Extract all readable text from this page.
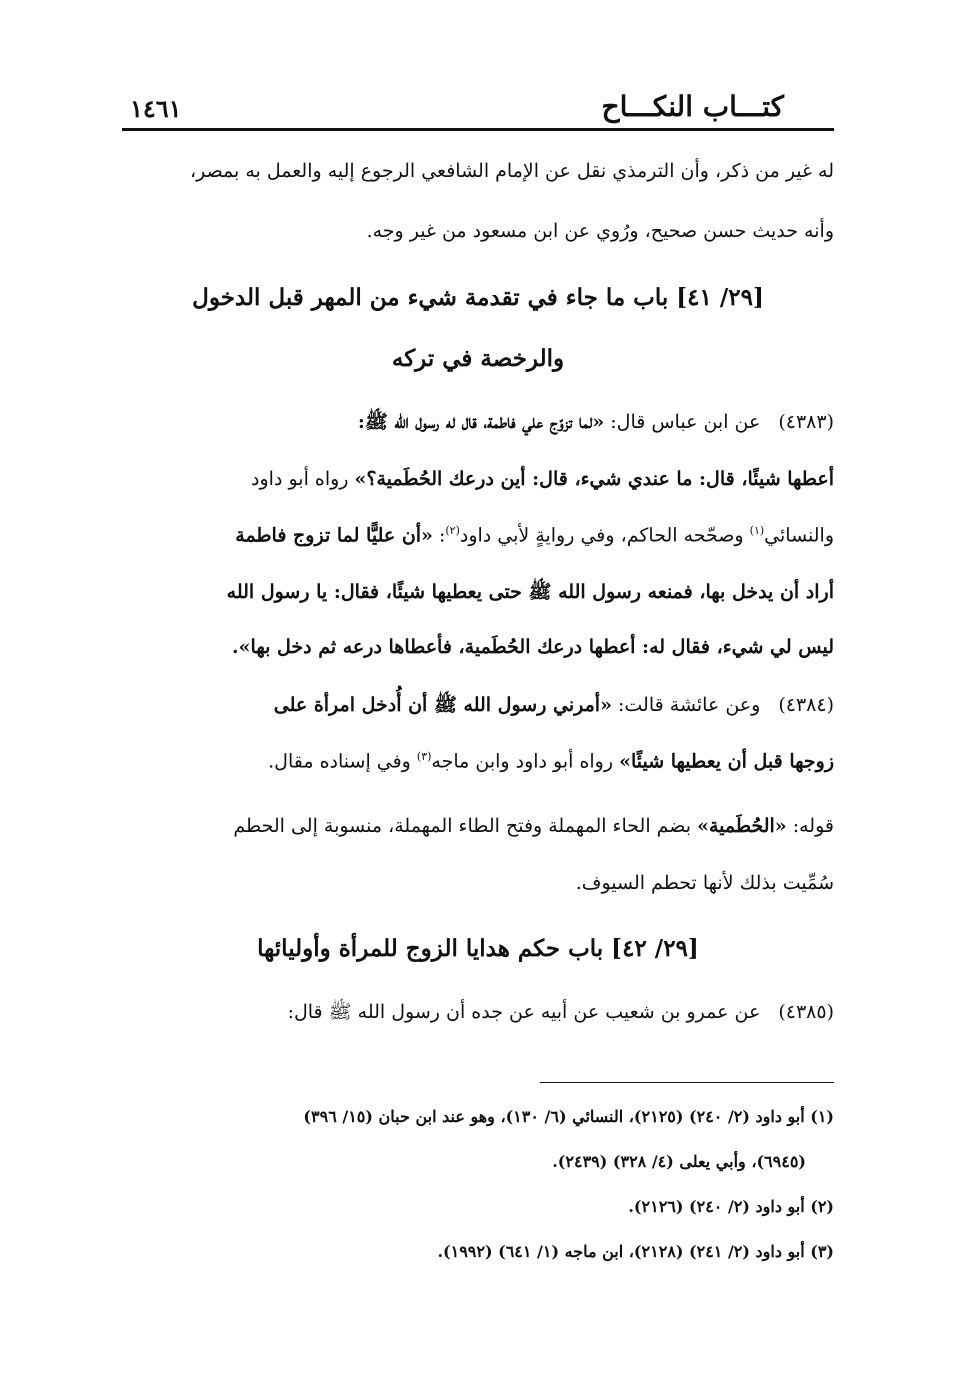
كتـــاب النكـــاح
١٤٦١
له غير من ذكر، وأن الترمذي نقل عن الإمام الشافعي الرجوع إليه والعمل به بمصر،
وأنه حديث حسن صحيح، ورُوي عن ابن مسعود من غير وجه.
[٢٩/ ٤١] باب ما جاء في تقدمة شيء من المهر قبل الدخول
والرخصة في تركه
(٤٣٨٣)عن ابن عباس قال: «لما تزوّج علي فاطمة، قال له رسول الله ﷺ:
أعطها شيئًا، قال: ما عندي شيء، قال: أين درعك الحُطَمية؟» رواه أبو داود
والنسائي$^{(١)}$ وصحّحه الحاكم، وفي روايةٍ لأبي داود$^{(٢)}$: «أن عليًّا لما تزوج فاطمة
أراد أن يدخل بها، فمنعه رسول الله ﷺ حتى يعطيها شيئًا، فقال: يا رسول الله
ليس لي شيء، فقال له: أعطها درعك الحُطَمية، فأعطاها درعه ثم دخل بها».
(٤٣٨٤)وعن عائشة قالت: «أمرني رسول الله ﷺ أن أُدخل امرأة على
زوجها قبل أن يعطيها شيئًا» رواه أبو داود وابن ماجه$^{(٣)}$ وفي إسناده مقال.
قوله: «الحُطَمية» بضم الحاء المهملة وفتح الطاء المهملة، منسوبة إلى الحطم
سُمِّيت بذلك لأنها تحطم السيوف.
[٢٩/ ٤٢] باب حكم هدايا الزوج للمرأة وأوليائها
(٤٣٨٥)عن عمرو بن شعيب عن أبيه عن جده أن رسول الله ﷺ قال:
(١) أبو داود (٢/ ٢٤٠) (٢١٢٥)، النسائي (٦/ ١٣٠)، وهو عند ابن حبان (١٥/ ٣٩٦)
(٦٩٤٥)، وأبي يعلى (٤/ ٣٢٨) (٢٤٣٩).
(٢) أبو داود (٢/ ٢٤٠) (٢١٢٦).
(٣) أبو داود (٢/ ٢٤١) (٢١٢٨)، ابن ماجه (١/ ٦٤١) (١٩٩٢).
